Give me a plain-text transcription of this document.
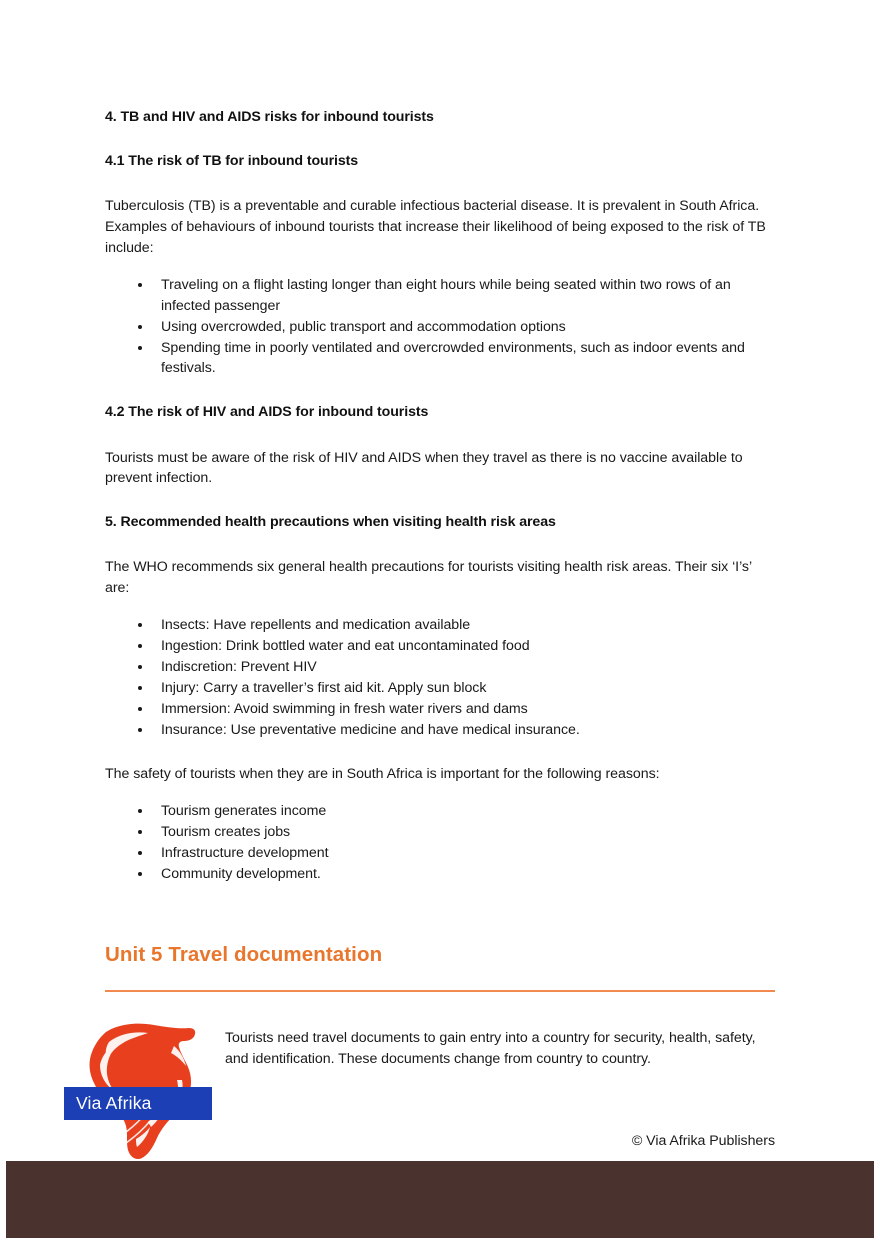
4. TB and HIV and AIDS risks for inbound tourists
4.1 The risk of TB for inbound tourists
Tuberculosis (TB) is a preventable and curable infectious bacterial disease. It is prevalent in South Africa. Examples of behaviours of inbound tourists that increase their likelihood of being exposed to the risk of TB include:
Traveling on a flight lasting longer than eight hours while being seated within two rows of an infected passenger
Using overcrowded, public transport and accommodation options
Spending time in poorly ventilated and overcrowded environments, such as indoor events and festivals.
4.2 The risk of HIV and AIDS for inbound tourists
Tourists must be aware of the risk of HIV and AIDS when they travel as there is no vaccine available to prevent infection.
5. Recommended health precautions when visiting health risk areas
The WHO recommends six general health precautions for tourists visiting health risk areas. Their six ‘I’s’ are:
Insects: Have repellents and medication available
Ingestion: Drink bottled water and eat uncontaminated food
Indiscretion: Prevent HIV
Injury: Carry a traveller’s first aid kit. Apply sun block
Immersion: Avoid swimming in fresh water rivers and dams
Insurance: Use preventative medicine and have medical insurance.
The safety of tourists when they are in South Africa is important for the following reasons:
Tourism generates income
Tourism creates jobs
Infrastructure development
Community development.
Unit 5 Travel documentation
Via Afrika
Tourists need travel documents to gain entry into a country for security, health, safety, and identification. These documents change from country to country.
© Via Afrika Publishers
